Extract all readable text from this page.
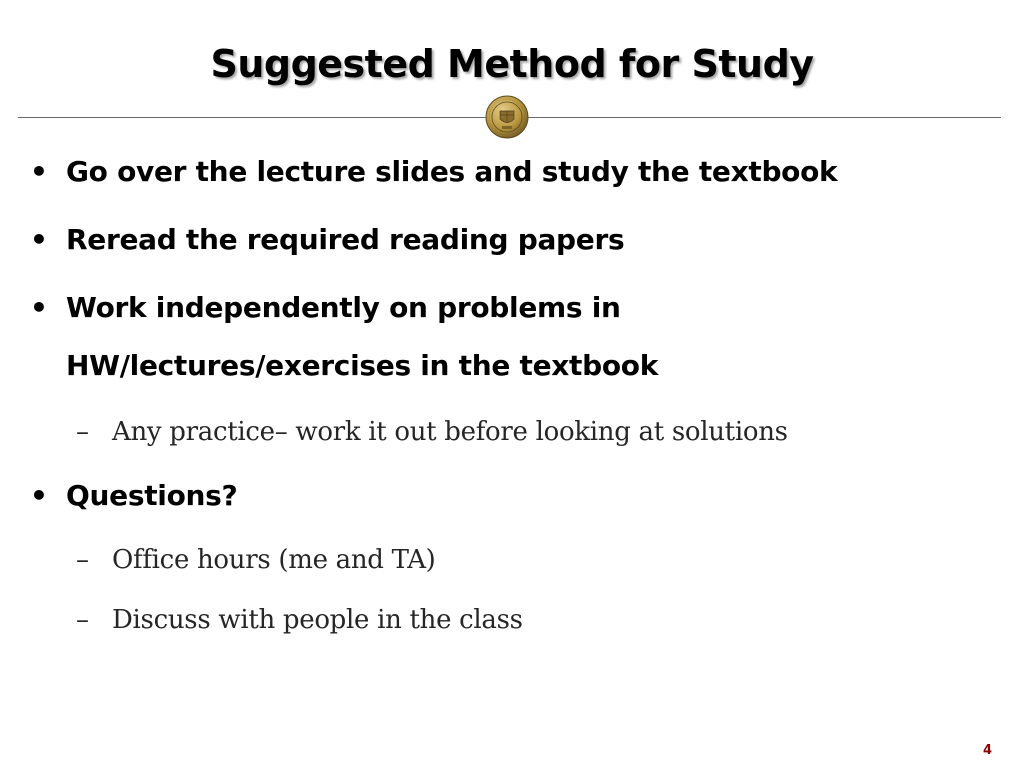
Suggested Method for Study
• Go over the lecture slides and study the textbook
• Reread the required reading papers
• Work independently on problems in
HW/lectures/exercises in the textbook
– Any practice– work it out before looking at solutions
• Questions?
– Office hours (me and TA)
– Discuss with people in the class
4
